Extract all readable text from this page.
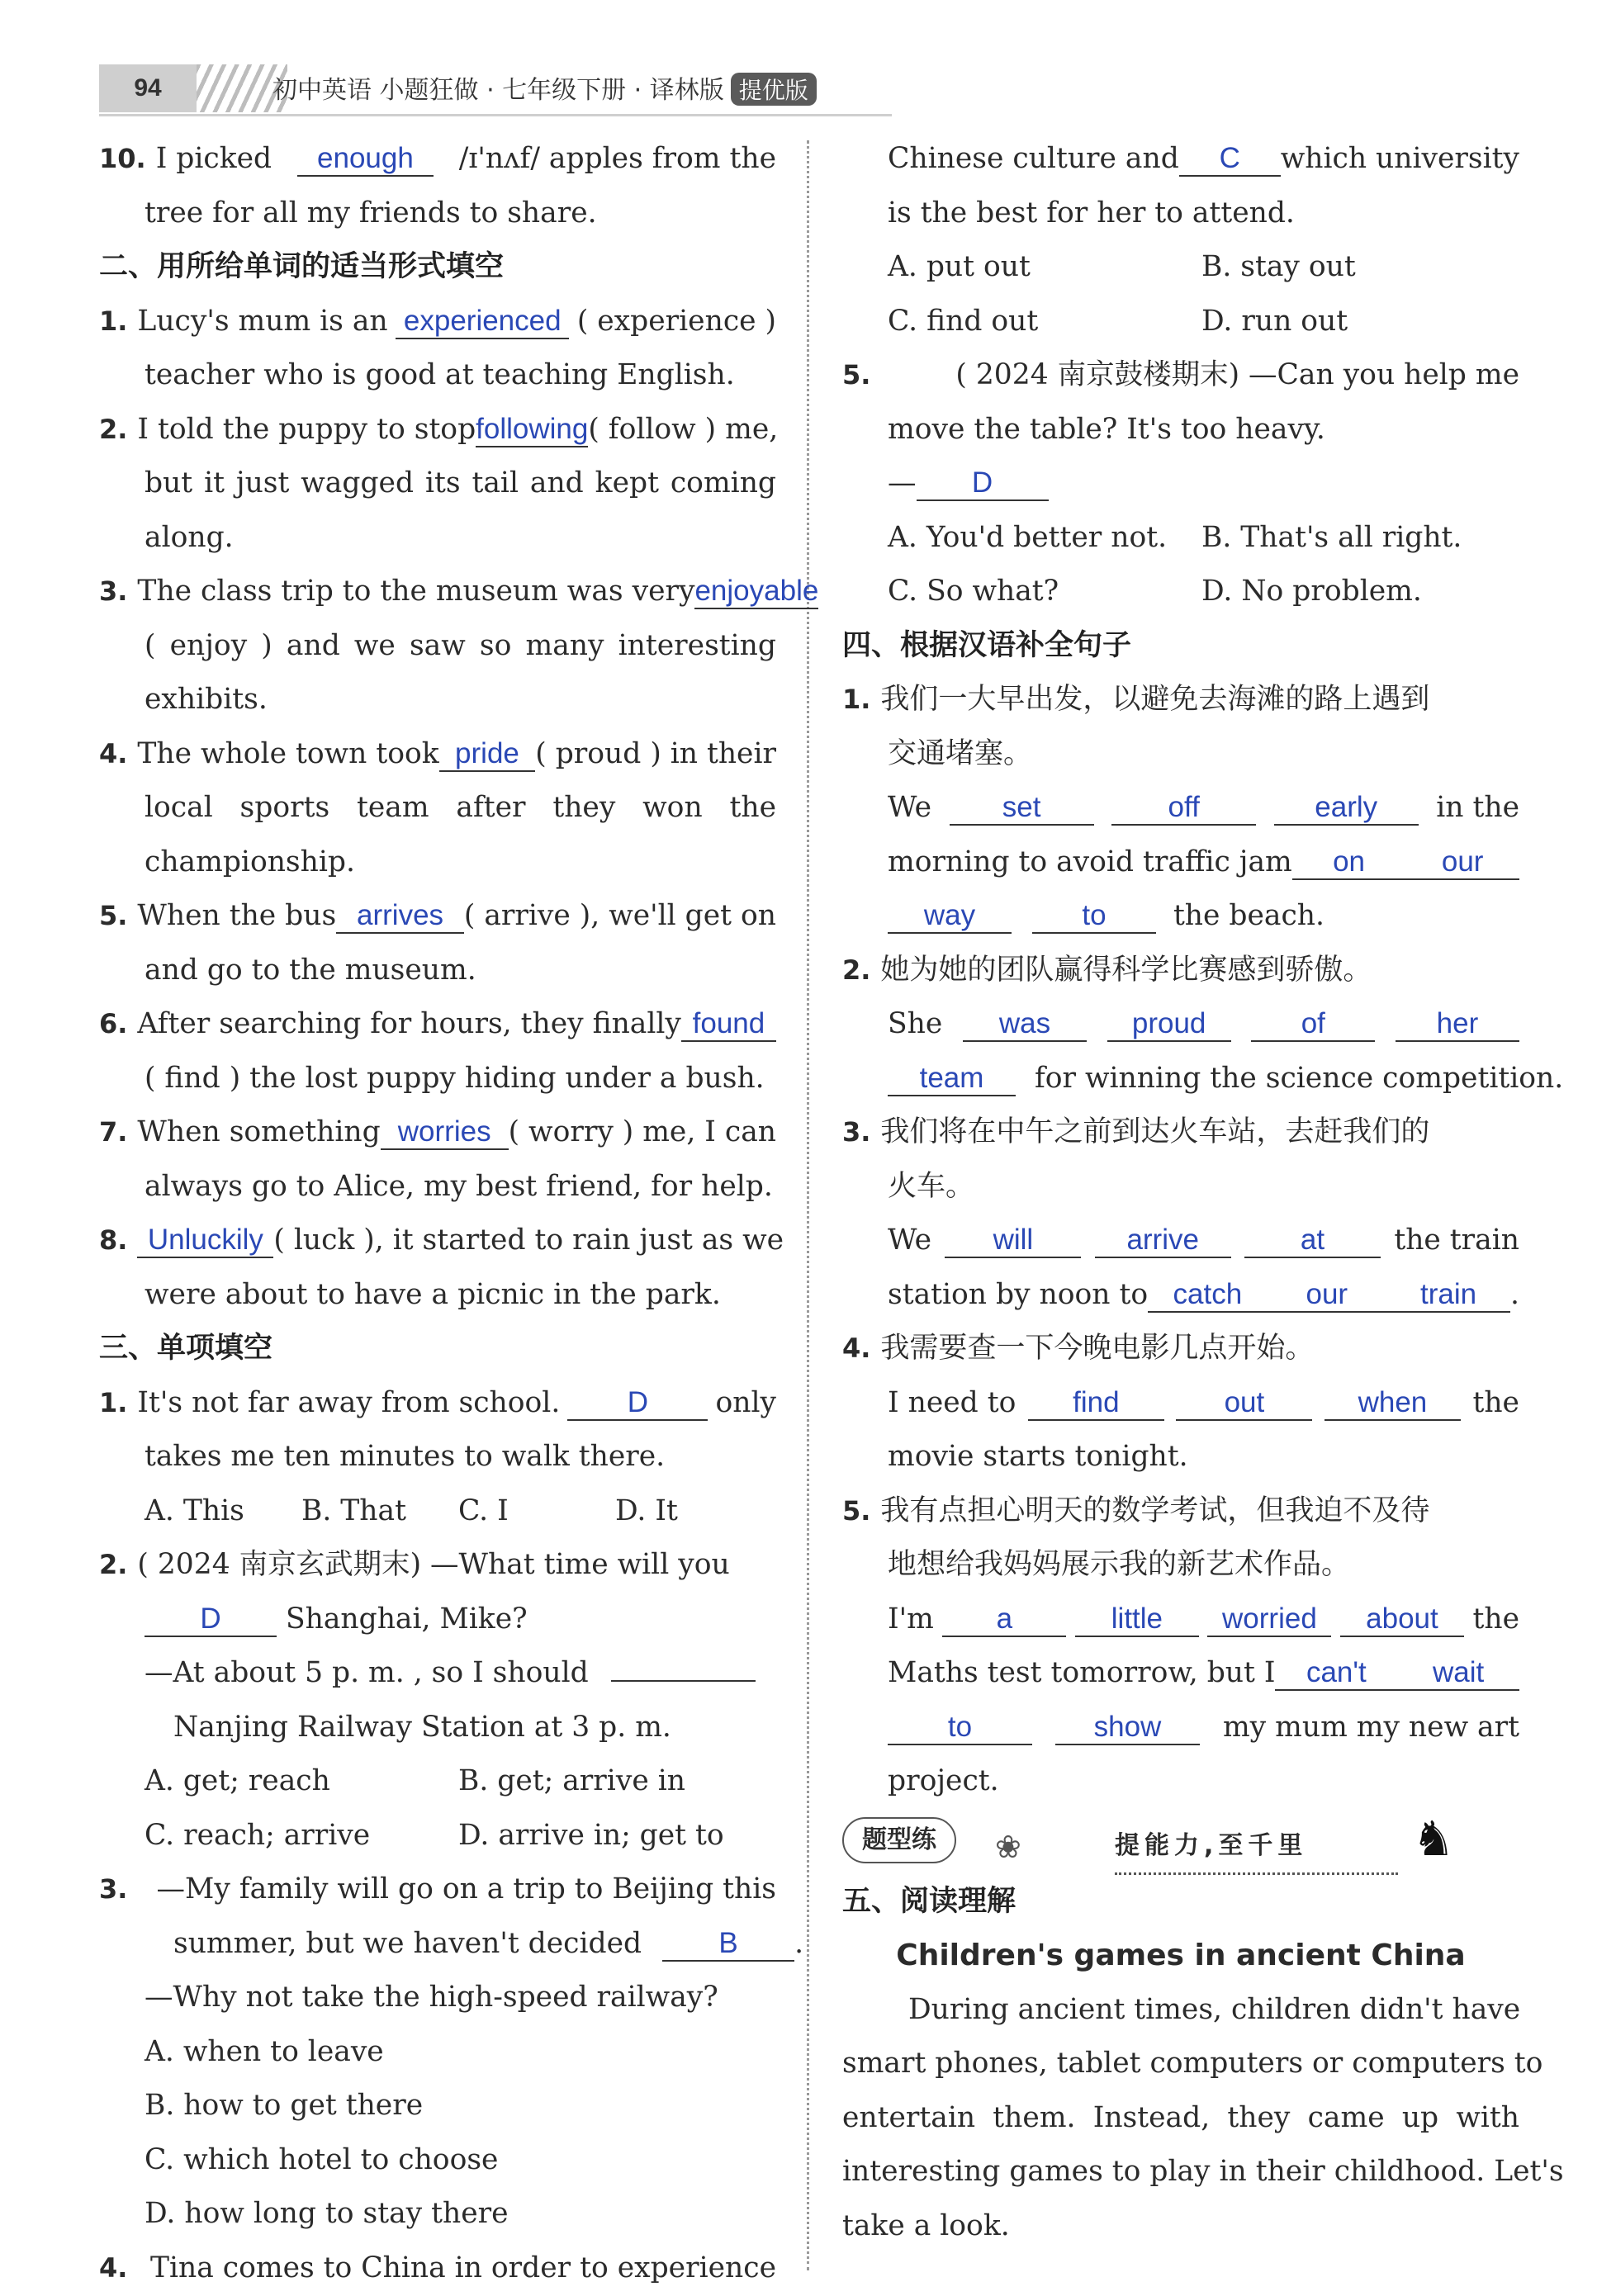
94	初中英语 小题狂做 · 七年级下册 · 译林版 提优版
10. I picked	enough	/ɪ'nʌf/ apples from the
tree for all my friends to share.
二、用所给单词的适当形式填空
1. Lucy's mum is an experienced ( experience )
teacher who is good at teaching English.
2. I told the puppy to stop following ( follow ) me,
but it just wagged its tail and kept coming
along.
3. The class trip to the museum was very enjoyable
( enjoy ) and we saw so many interesting
exhibits.
4. The whole town took pride ( proud ) in their
local sports team after they won the
championship.
5. When the bus arrives ( arrive ), we'll get on
and go to the museum.
6. After searching for hours, they finally found
( find ) the lost puppy hiding under a bush.
7. When something worries ( worry ) me, I can
always go to Alice, my best friend, for help.
8. Unluckily ( luck ), it started to rain just as we
were about to have a picnic in the park.
三、单项填空
1. It's not far away from school.	D	only
takes me ten minutes to walk there.
A. This	B. That	C. I	D. It
2. ( 2024 南京玄武期末) —What time will you
D Shanghai, Mike?
—At about 5 p. m. , so I should
Nanjing Railway Station at 3 p. m.
A. get; reach	B. get; arrive in
C. reach; arrive	D. arrive in; get to
3. —My family will go on a trip to Beijing this
summer, but we haven't decided	B .
—Why not take the high-speed railway?
A. when to leave
B. how to get there
C. which hotel to choose
D. how long to stay there
4. Tina comes to China in order to experience
Chinese culture and	C	which university
is the best for her to attend.
A. put out	B. stay out
C. find out	D. run out
5.	( 2024 南京鼓楼期末) —Can you help me
move the table? It's too heavy.
— D
A. You'd better not.	B. That's all right.
C. So what?	D. No problem.
四、根据汉语补全句子
1. 我们一大早出发，以避免去海滩的路上遇到
交通堵塞。
We	set	off	early	in the
morning to avoid traffic jam	on	our
way	to the beach.
2. 她为她的团队赢得科学比赛感到骄傲。
She	was	proud	of	her
team for winning the science competition.
3. 我们将在中午之前到达火车站，去赶我们的
火车。
We	will	arrive	at	the train
station by noon to catch	our	train .
4. 我需要查一下今晚电影几点开始。
I need to	find	out	when	the
movie starts tonight.
5. 我有点担心明天的数学考试，但我迫不及待
地想给我妈妈展示我的新艺术作品。
I'm	a	little	worried	about	the
Maths test tomorrow, but I	can't	wait
to	show	my mum my new art
project.
题型练	❀	提能力,至千里	♞
五、阅读理解
Children's games in ancient China
During ancient times, children didn't have
smart phones, tablet computers or computers to
entertain them. Instead, they came up with
interesting games to play in their childhood. Let's
take a look.
